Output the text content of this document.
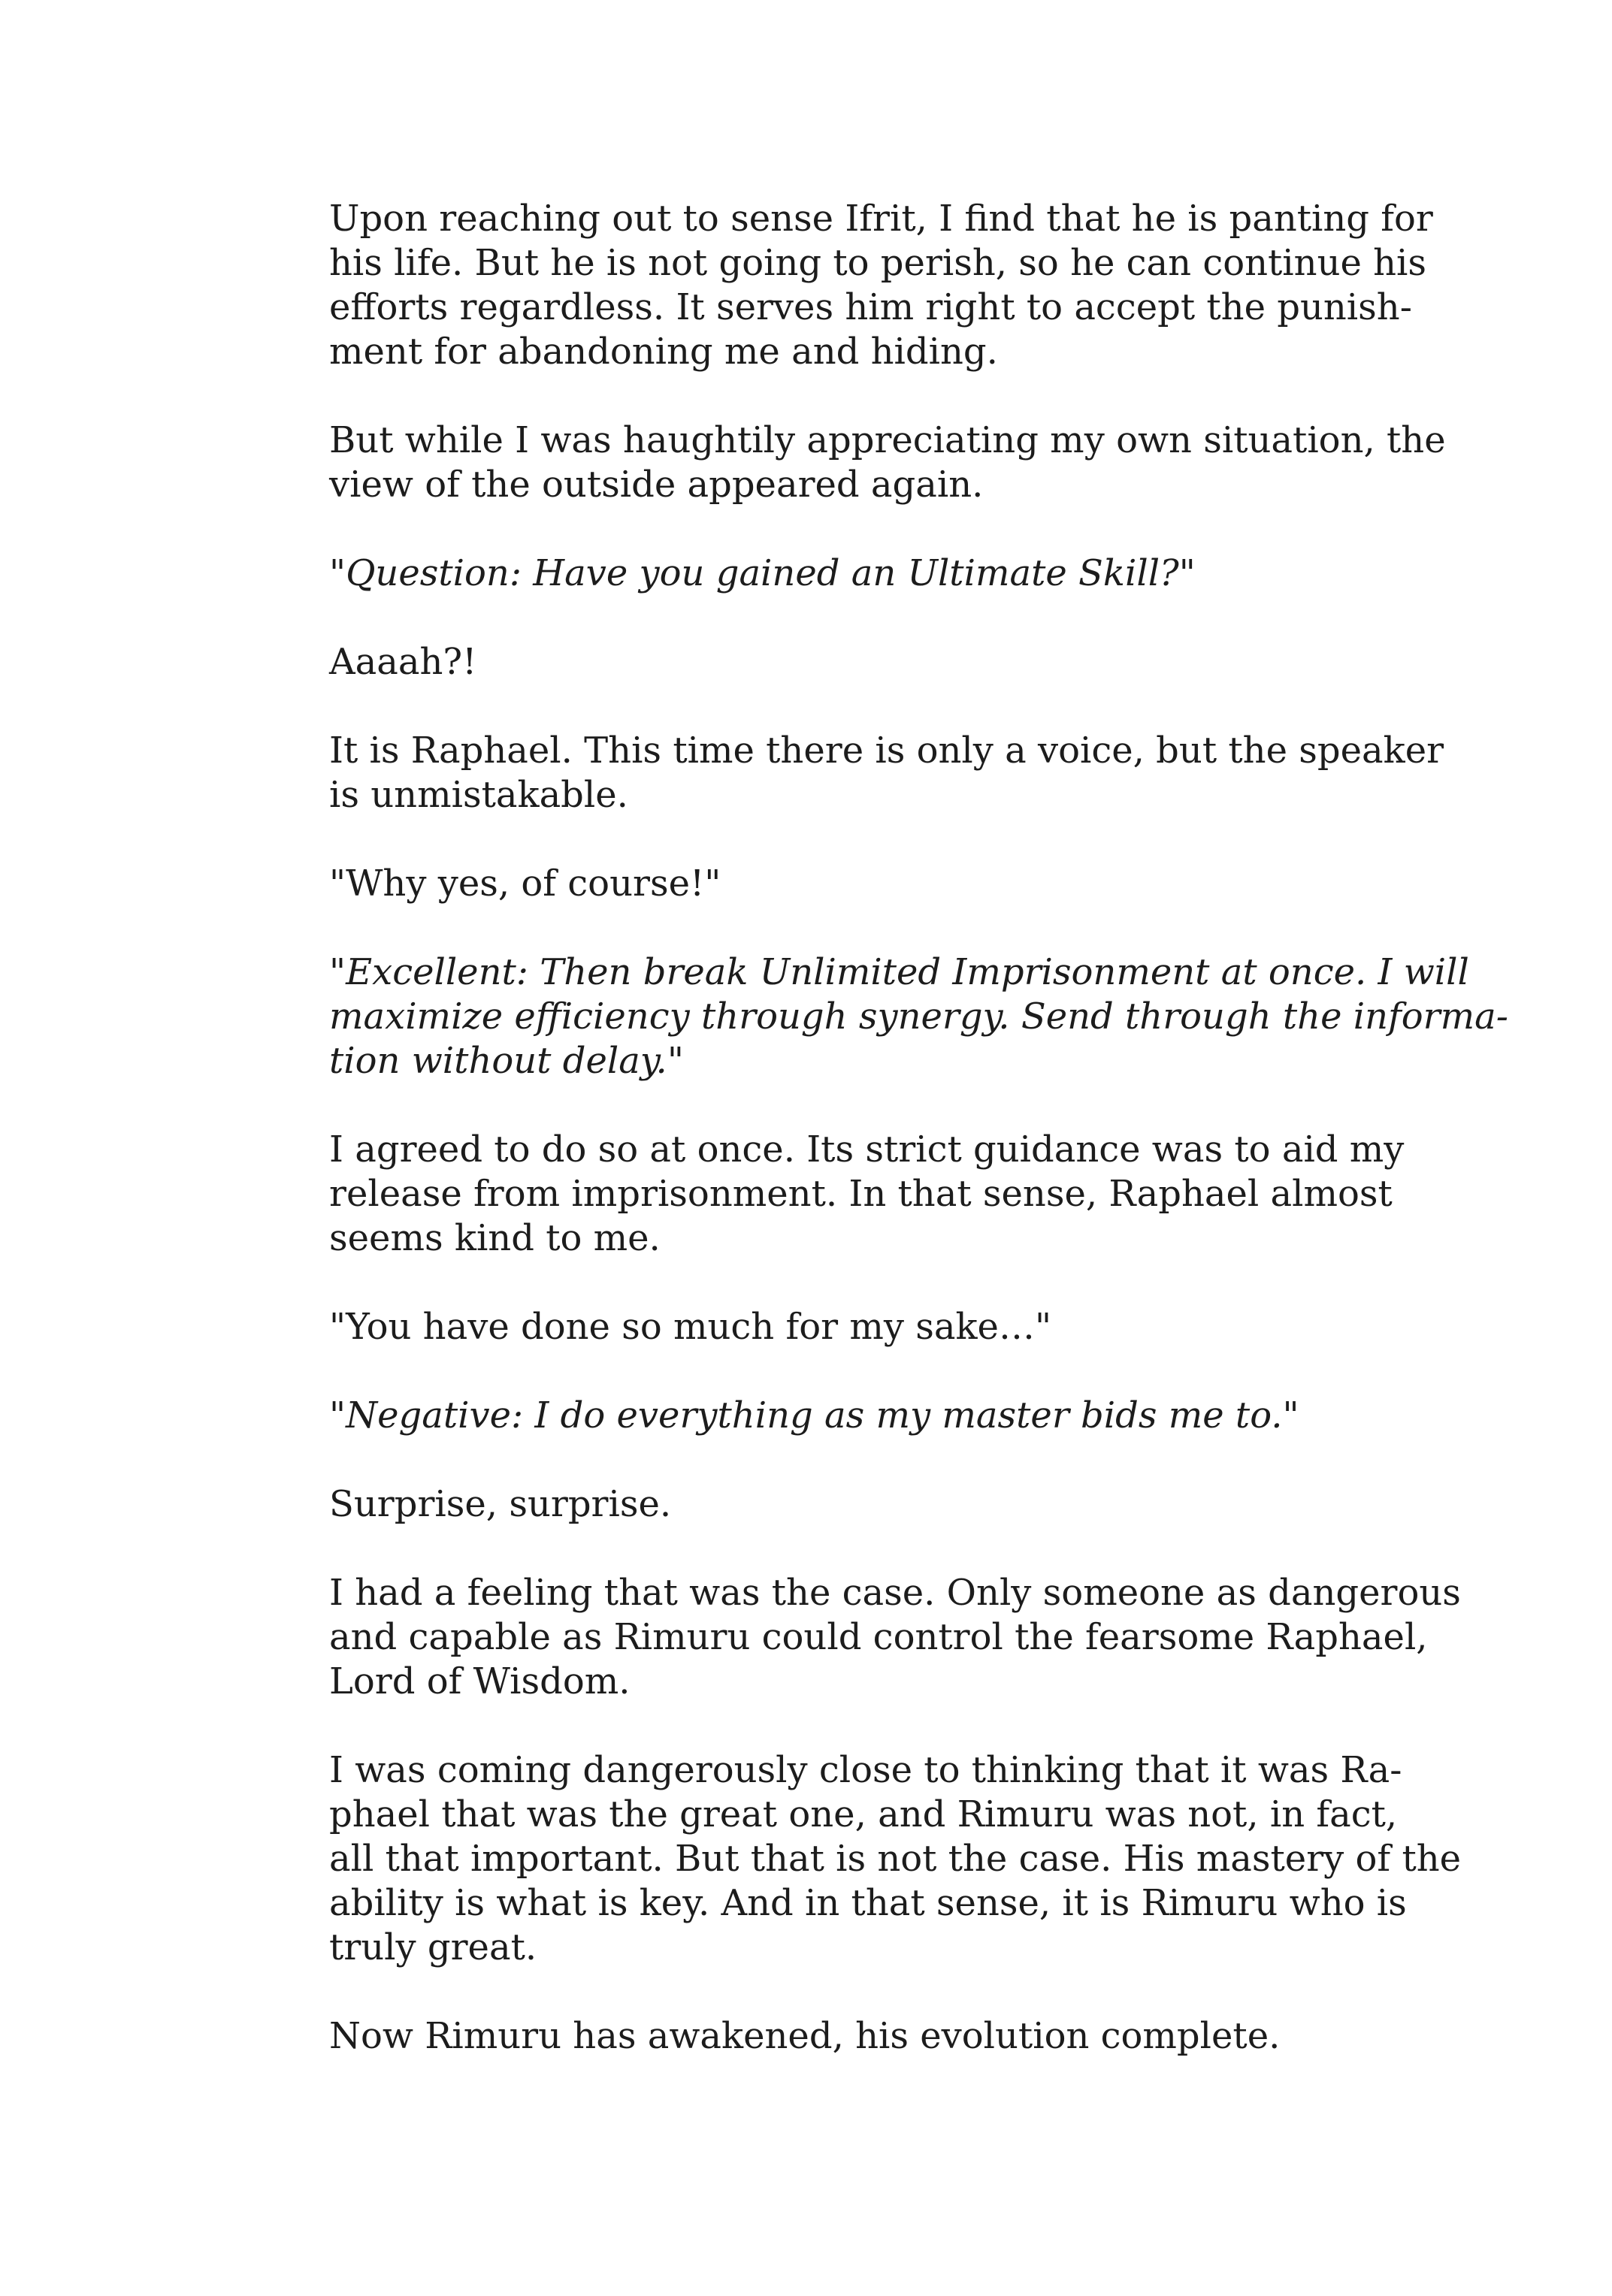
Upon reaching out to sense Ifrit, I find that he is panting for
his life. But he is not going to perish, so he can continue his
efforts regardless. It serves him right to accept the punish-
ment for abandoning me and hiding.

But while I was haughtily appreciating my own situation, the
view of the outside appeared again.

"Question: Have you gained an Ultimate Skill?"

Aaaah?!

It is Raphael. This time there is only a voice, but the speaker
is unmistakable.

"Why yes, of course!"

"Excellent: Then break Unlimited Imprisonment at once. I will
maximize efficiency through synergy. Send through the informa-
tion without delay."

I agreed to do so at once. Its strict guidance was to aid my
release from imprisonment. In that sense, Raphael almost
seems kind to me.

"You have done so much for my sake…"

"Negative: I do everything as my master bids me to."

Surprise, surprise.

I had a feeling that was the case. Only someone as dangerous
and capable as Rimuru could control the fearsome Raphael,
Lord of Wisdom.

I was coming dangerously close to thinking that it was Ra-
phael that was the great one, and Rimuru was not, in fact,
all that important. But that is not the case. His mastery of the
ability is what is key. And in that sense, it is Rimuru who is
truly great.

Now Rimuru has awakened, his evolution complete.
